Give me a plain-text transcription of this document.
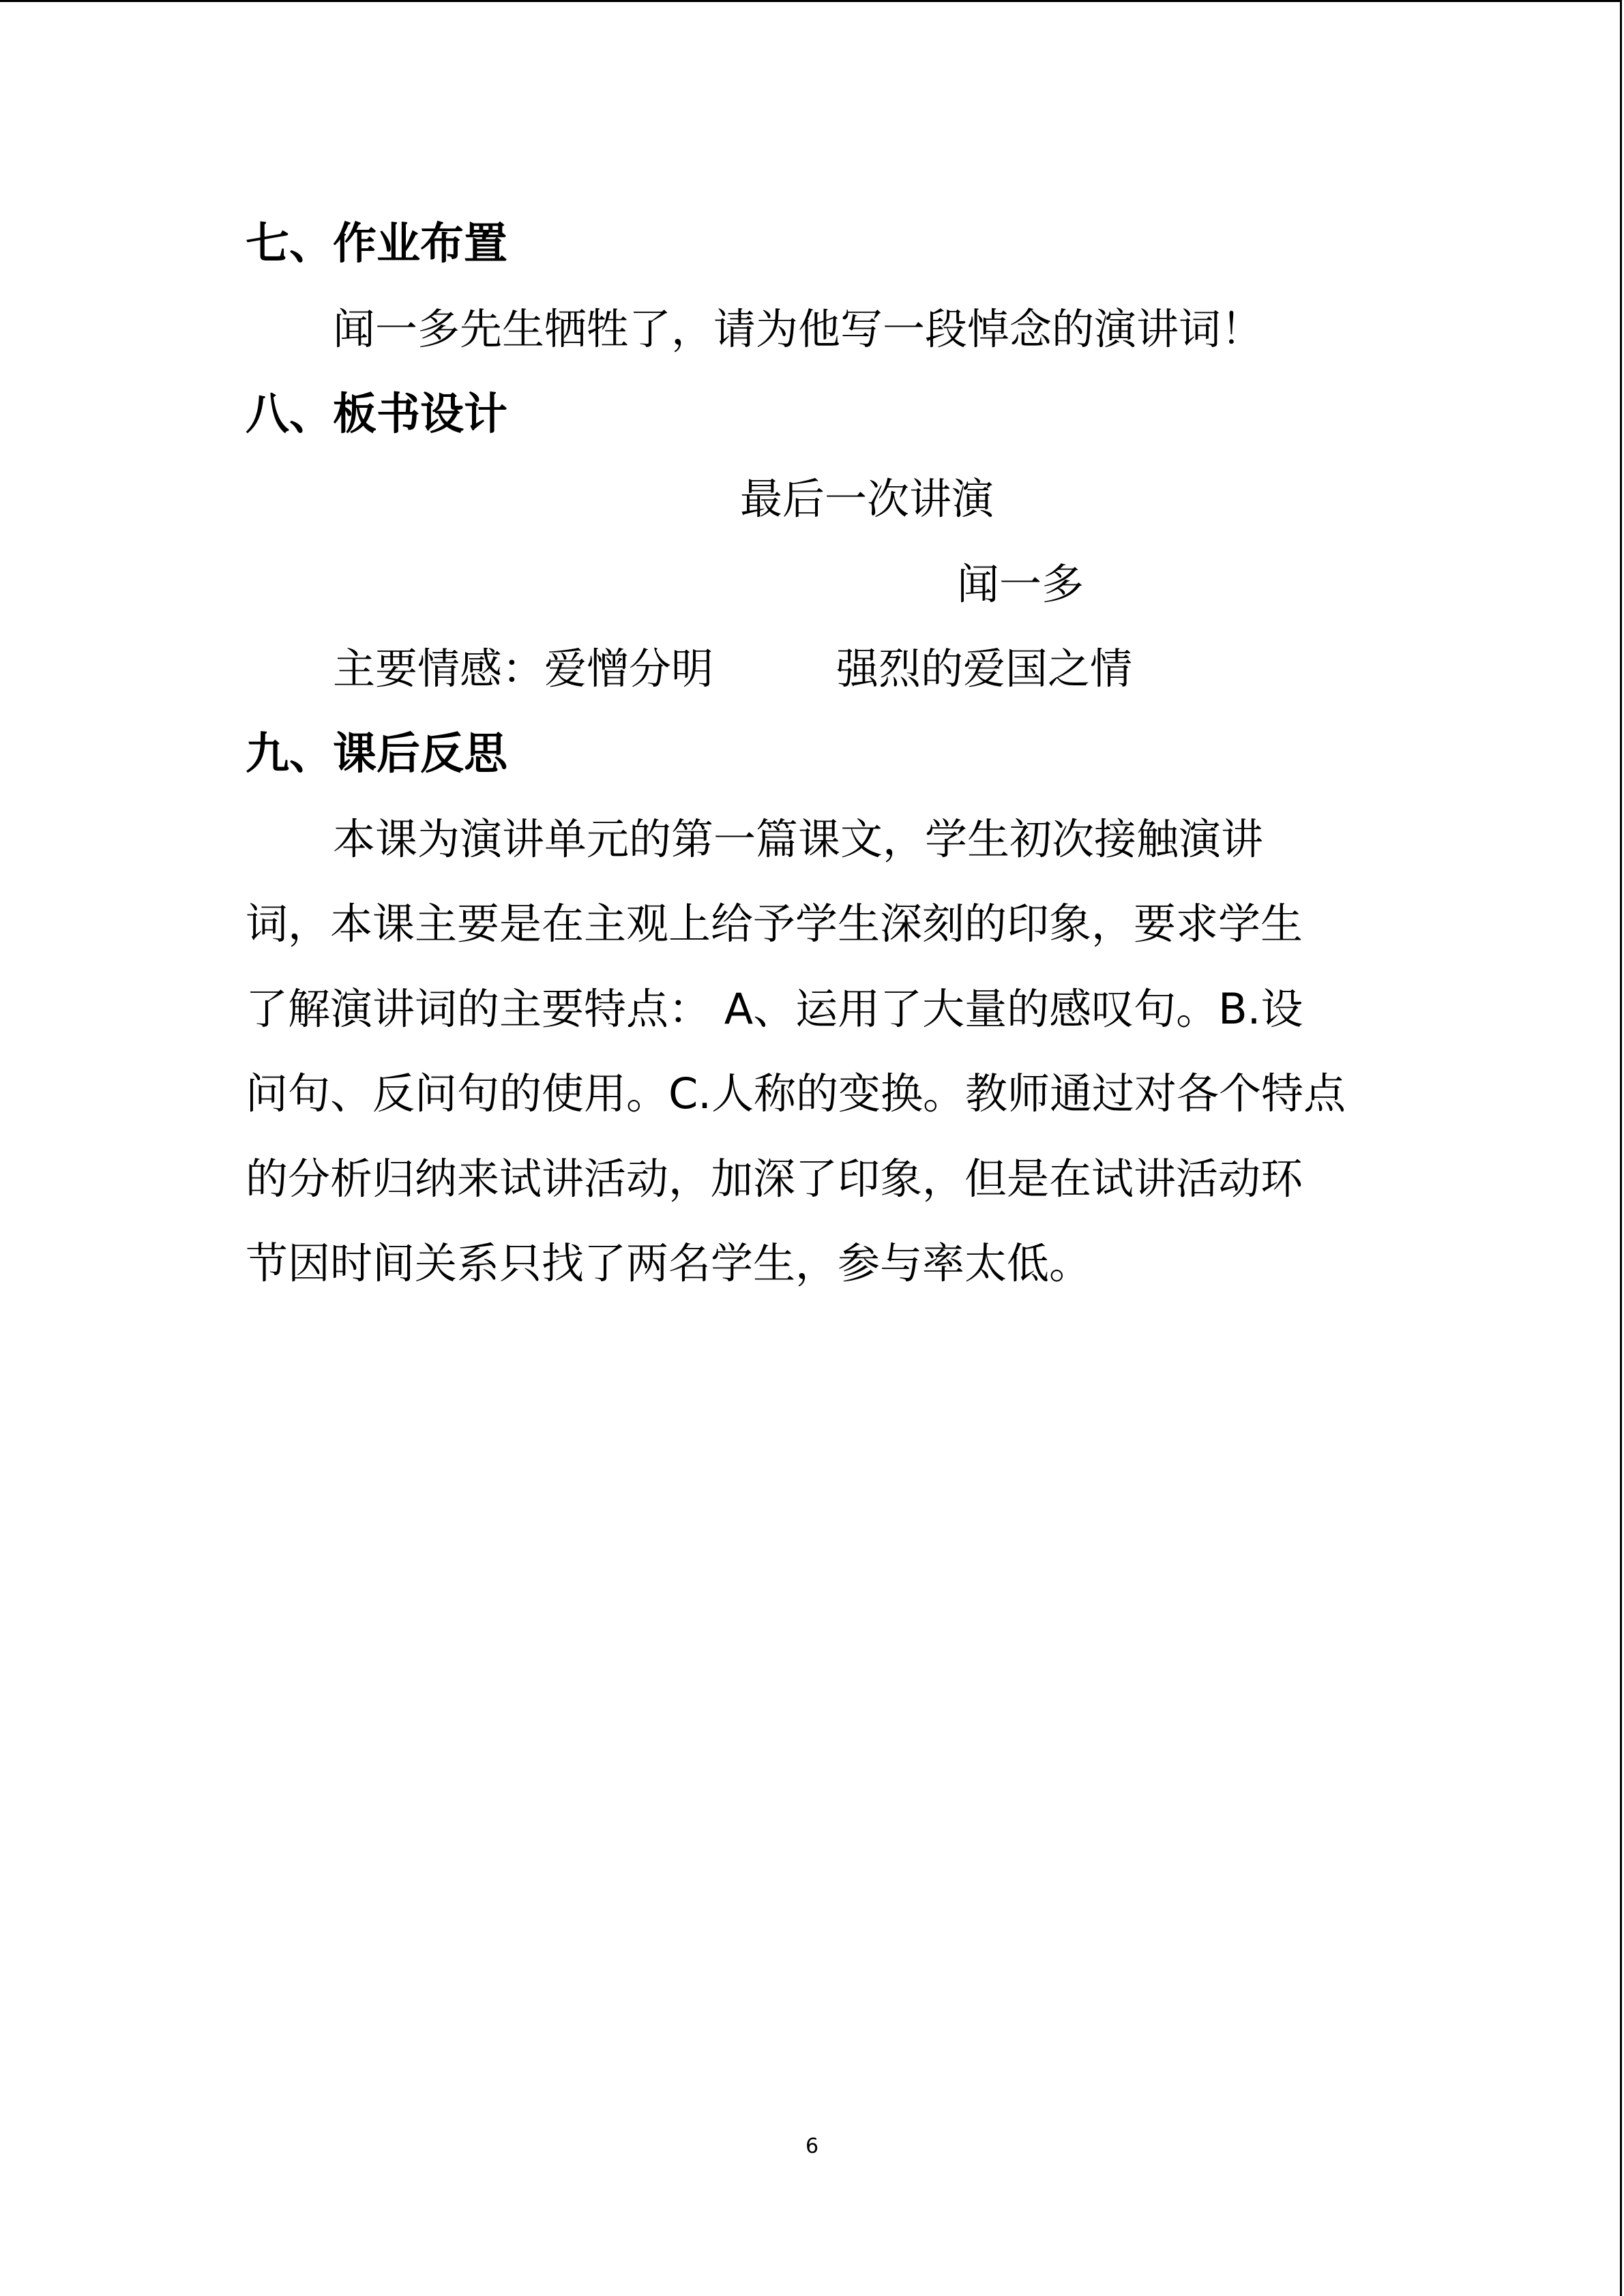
七、作业布置
闻一多先生牺牲了，请为他写一段悼念的演讲词！
八、板书设计
最后一次讲演
闻一多
主要情感：爱憎分明	强烈的爱国之情
九、课后反思
本课为演讲单元的第一篇课文，学生初次接触演讲
词，本课主要是在主观上给予学生深刻的印象，要求学生
了解演讲词的主要特点： A、运用了大量的感叹句。B.设
问句、反问句的使用。C.人称的变换。教师通过对各个特点
的分析归纳来试讲活动，加深了印象，但是在试讲活动环
节因时间关系只找了两名学生，参与率太低。
6
